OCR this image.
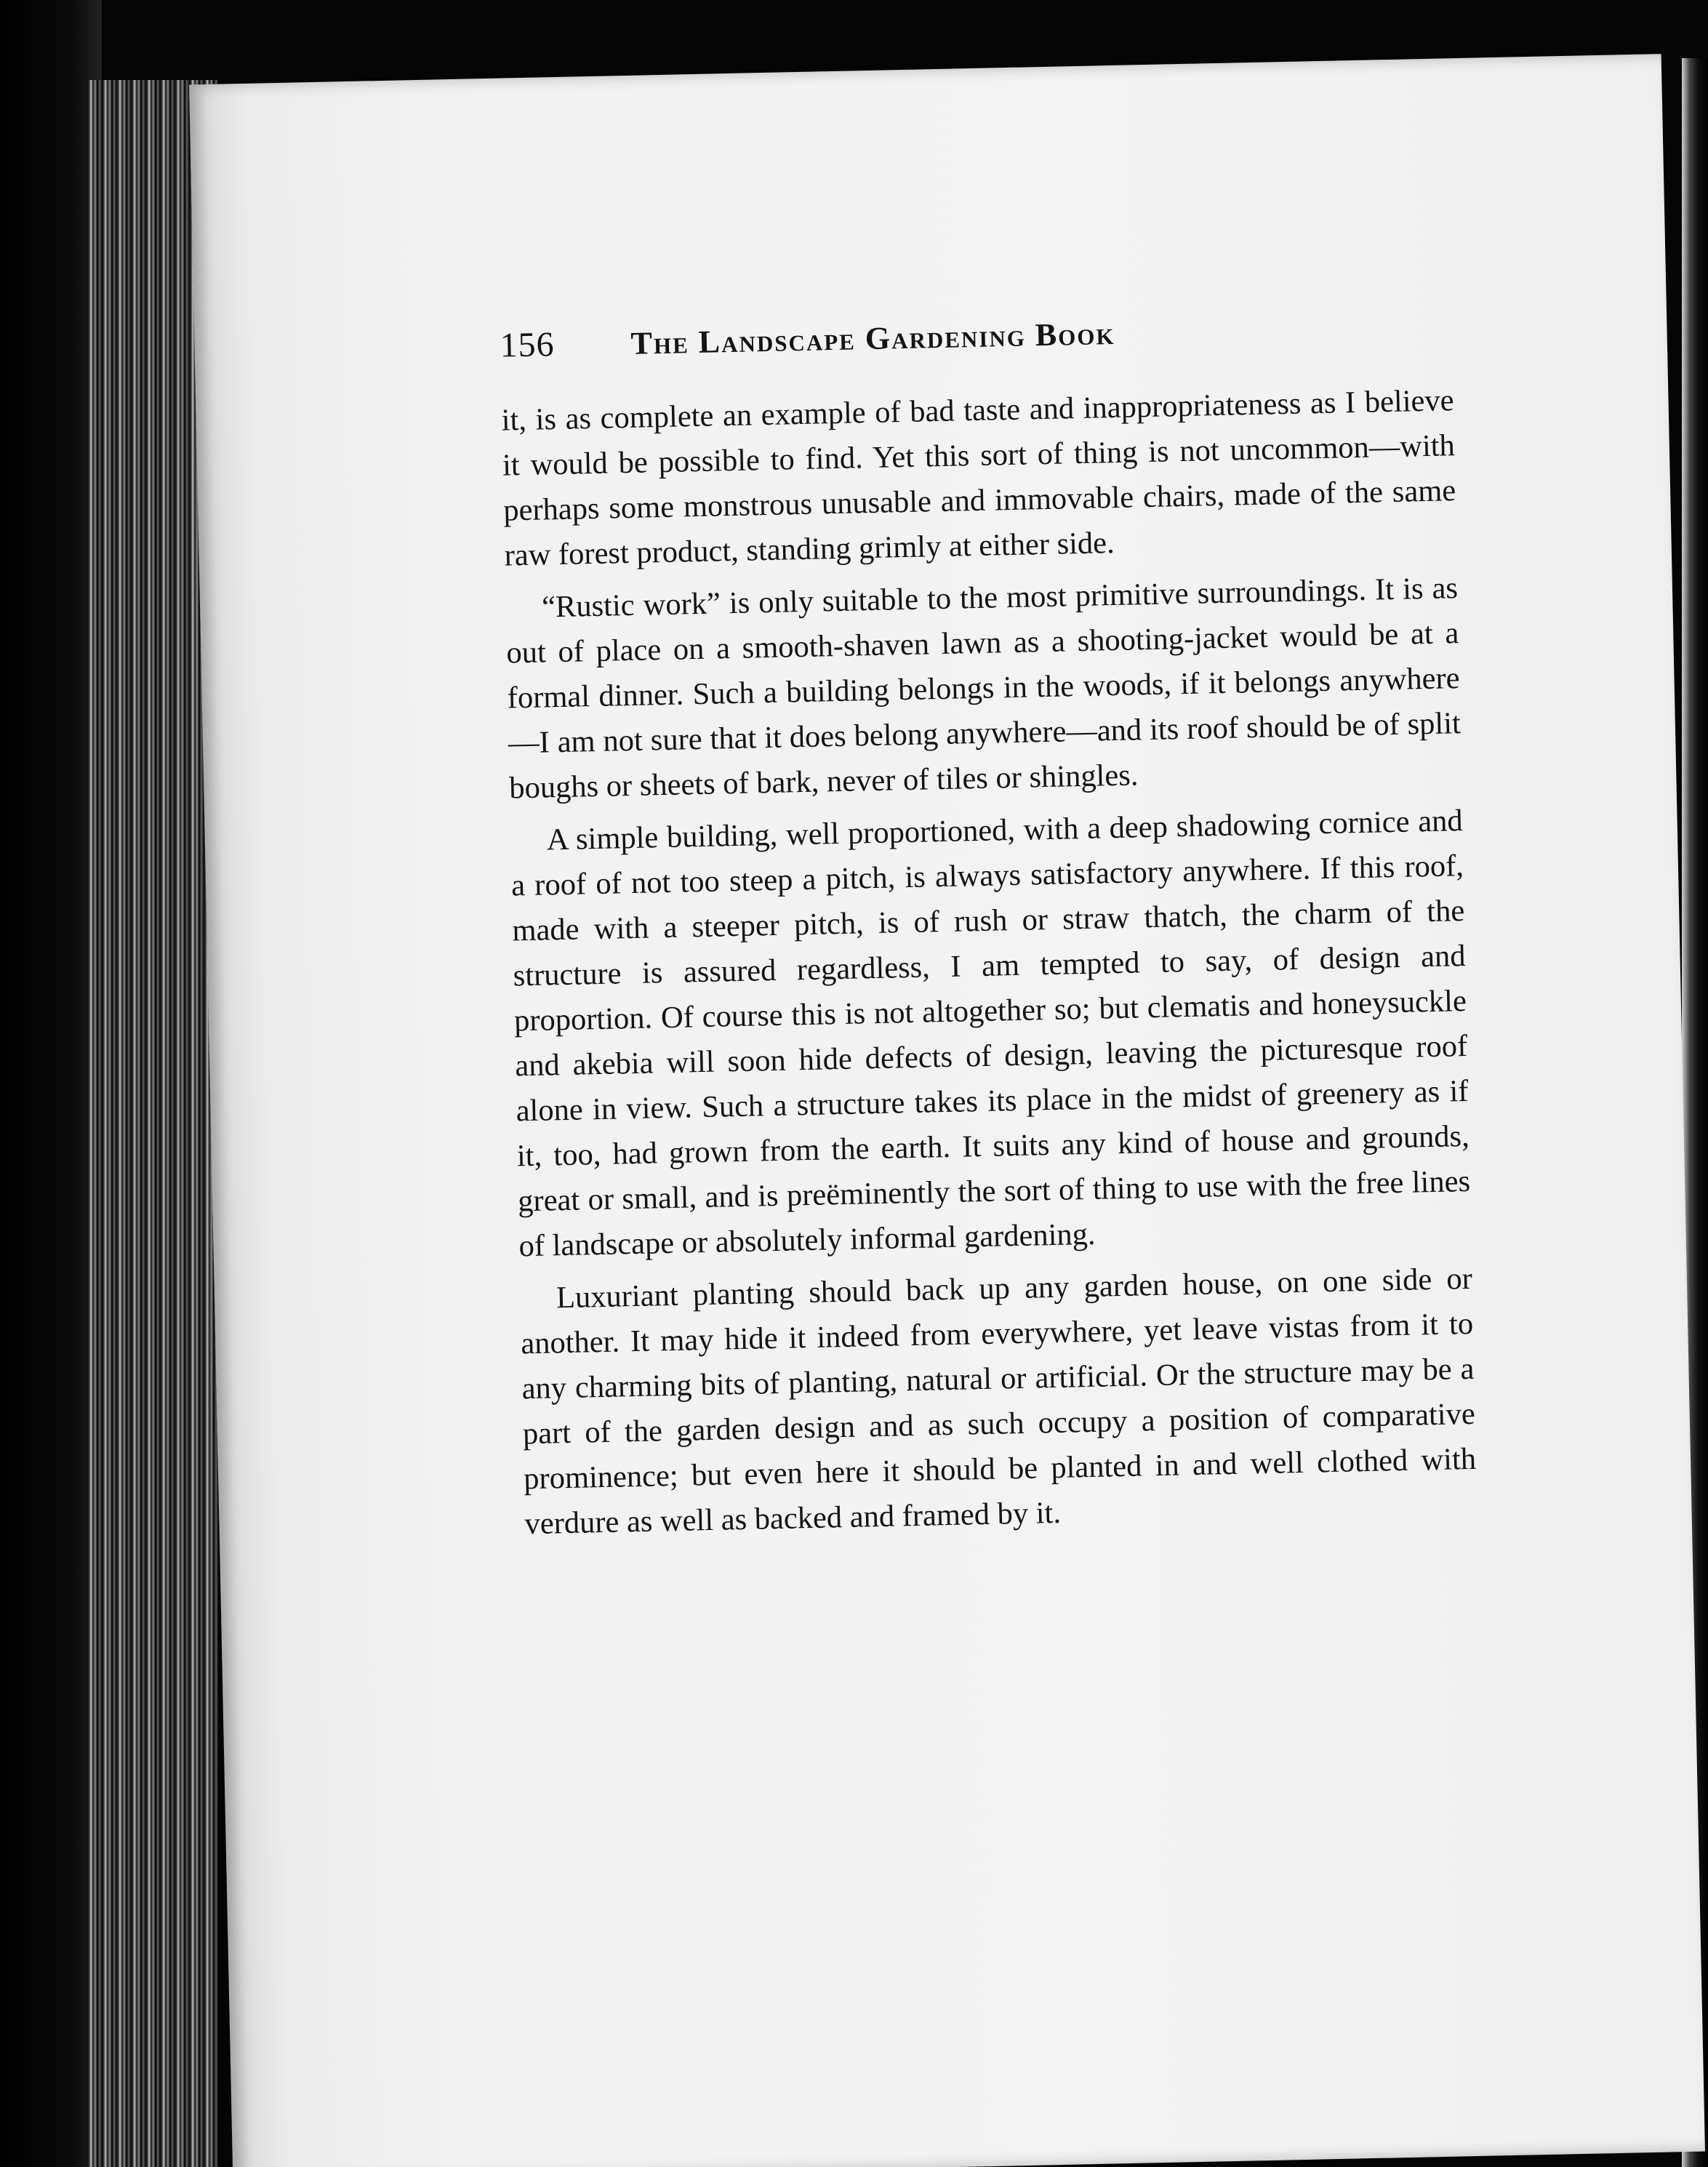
156	The Landscape Gardening Book

it, is as complete an example of bad taste and inappropriateness as I believe it would be possible to find. Yet this sort of thing is not uncommon—with perhaps some monstrous unusable and immovable chairs, made of the same raw forest product, standing grimly at either side.

“Rustic work” is only suitable to the most primitive surroundings. It is as out of place on a smooth-shaven lawn as a shooting-jacket would be at a formal dinner. Such a building belongs in the woods, if it belongs anywhere—I am not sure that it does belong anywhere—and its roof should be of split boughs or sheets of bark, never of tiles or shingles.

A simple building, well proportioned, with a deep shadowing cornice and a roof of not too steep a pitch, is always satisfactory anywhere. If this roof, made with a steeper pitch, is of rush or straw thatch, the charm of the structure is assured regardless, I am tempted to say, of design and proportion. Of course this is not altogether so; but clematis and honeysuckle and akebia will soon hide defects of design, leaving the picturesque roof alone in view. Such a structure takes its place in the midst of greenery as if it, too, had grown from the earth. It suits any kind of house and grounds, great or small, and is preëminently the sort of thing to use with the free lines of landscape or absolutely informal gardening.

Luxuriant planting should back up any garden house, on one side or another. It may hide it indeed from everywhere, yet leave vistas from it to any charming bits of planting, natural or artificial. Or the structure may be a part of the garden design and as such occupy a position of comparative prominence; but even here it should be planted in and well clothed with verdure as well as backed and framed by it.
